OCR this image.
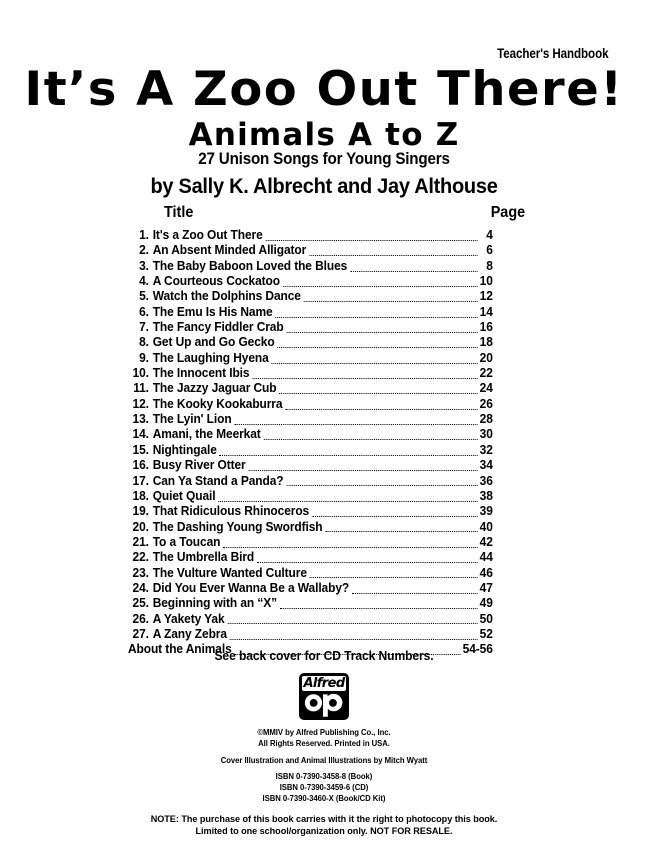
Teacher's Handbook
It’s A Zoo Out There!
Animals A to Z
27 Unison Songs for Young Singers
by Sally K. Albrecht and Jay Althouse
Title	Page
1. It's a Zoo Out There	4
2. An Absent Minded Alligator	6
3. The Baby Baboon Loved the Blues	8
4. A Courteous Cockatoo	10
5. Watch the Dolphins Dance	12
6. The Emu Is His Name	14
7. The Fancy Fiddler Crab	16
8. Get Up and Go Gecko	18
9. The Laughing Hyena	20
10. The Innocent Ibis	22
11. The Jazzy Jaguar Cub	24
12. The Kooky Kookaburra	26
13. The Lyin' Lion	28
14. Amani, the Meerkat	30
15. Nightingale	32
16. Busy River Otter	34
17. Can Ya Stand a Panda?	36
18. Quiet Quail	38
19. That Ridiculous Rhinoceros	39
20. The Dashing Young Swordfish	40
21. To a Toucan	42
22. The Umbrella Bird	44
23. The Vulture Wanted Culture	46
24. Did You Ever Wanna Be a Wallaby?	47
25. Beginning with an “X”	49
26. A Yakety Yak	50
27. A Zany Zebra	52
About the Animals	54-56
See back cover for CD Track Numbers.
Alfred
©MMIV by Alfred Publishing Co., Inc.
All Rights Reserved. Printed in USA.
Cover Illustration and Animal Illustrations by Mitch Wyatt
ISBN 0-7390-3458-8 (Book)
ISBN 0-7390-3459-6 (CD)
ISBN 0-7390-3460-X (Book/CD Kit)
NOTE: The purchase of this book carries with it the right to photocopy this book.
Limited to one school/organization only. NOT FOR RESALE.
